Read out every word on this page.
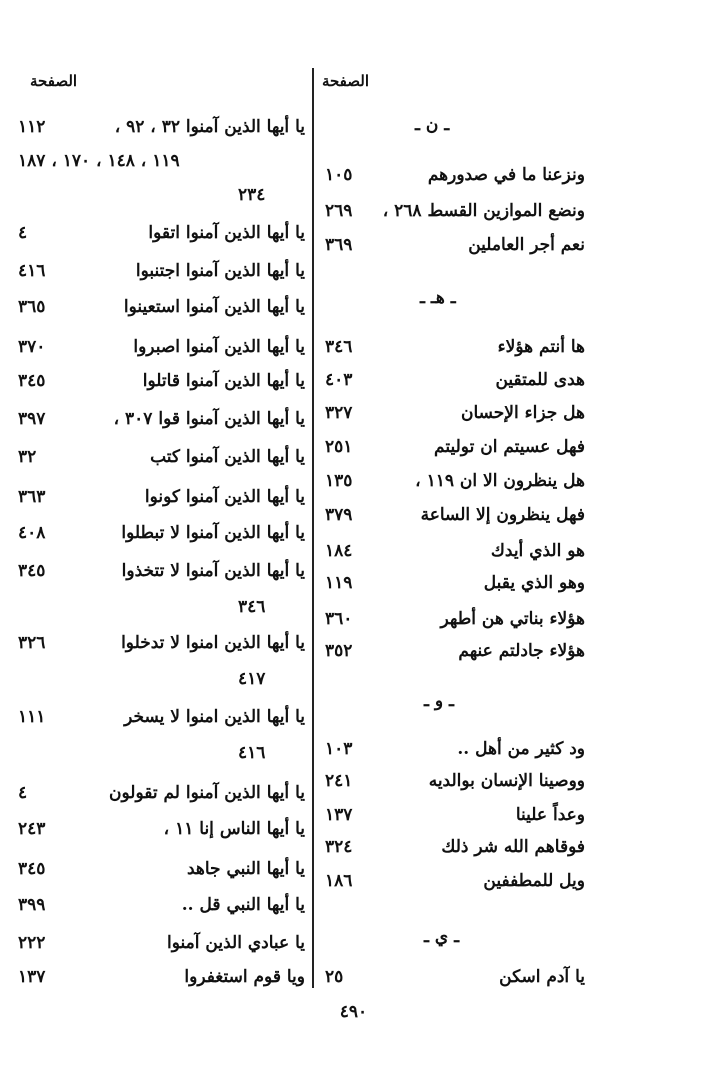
الصفحة
الصفحة
ـ ن ـ
ونزعنا ما في صدورهم
١٠٥
ونضع الموازين القسط ٢٦٨ ،
٢٦٩
نعم أجر العاملين
٣٦٩
ـ هـ ـ
ها أنتم هؤلاء
٣٤٦
هدى للمتقين
٤٠٣
هل جزاء الإحسان
٣٢٧
فهل عسيتم ان توليتم
٢٥١
هل ينظرون الا ان ١١٩ ،
١٣٥
فهل ينظرون إلا الساعة
٣٧٩
هو الذي أيدك
١٨٤
وهو الذي يقبل
١١٩
هؤلاء بناتي هن أطهر
٣٦٠
هؤلاء جادلتم عنهم
٣٥٢
ـ و ـ
ود كثير من أهل ..
١٠٣
ووصينا الإنسان بوالديه
٢٤١
وعداً علينا
١٣٧
فوقاهم الله شر ذلك
٣٢٤
ويل للمطففين
١٨٦
ـ ي ـ
يا آدم اسكن
٢٥
يا أيها الذين آمنوا ٣٢ ، ٩٢ ،
١١٢
١١٩ ، ١٤٨ ، ١٧٠ ، ١٨٧
٢٣٤
يا أيها الذين آمنوا اتقوا
٤
يا أيها الذين آمنوا اجتنبوا
٤١٦
يا أيها الذين آمنوا استعينوا
٣٦٥
يا أيها الذين آمنوا اصبروا
٣٧٠
يا أيها الذين آمنوا قاتلوا
٣٤٥
يا أيها الذين آمنوا قوا ٣٠٧ ،
٣٩٧
يا أيها الذين آمنوا كتب
٣٢
يا أيها الذين آمنوا كونوا
٣٦٣
يا أيها الذين آمنوا لا تبطلوا
٤٠٨
يا أيها الذين آمنوا لا تتخذوا
٣٤٥
٣٤٦
يا أيها الذين امنوا لا تدخلوا
٣٢٦
٤١٧
يا أيها الذين امنوا لا يسخر
١١١
٤١٦
يا أيها الذين آمنوا لم تقولون
٤
يا أيها الناس إنا ١١ ،
٢٤٣
يا أيها النبي جاهد
٣٤٥
يا أيها النبي قل ..
٣٩٩
يا عبادي الذين آمنوا
٢٢٢
ويا قوم استغفروا
١٣٧
٤٩٠
